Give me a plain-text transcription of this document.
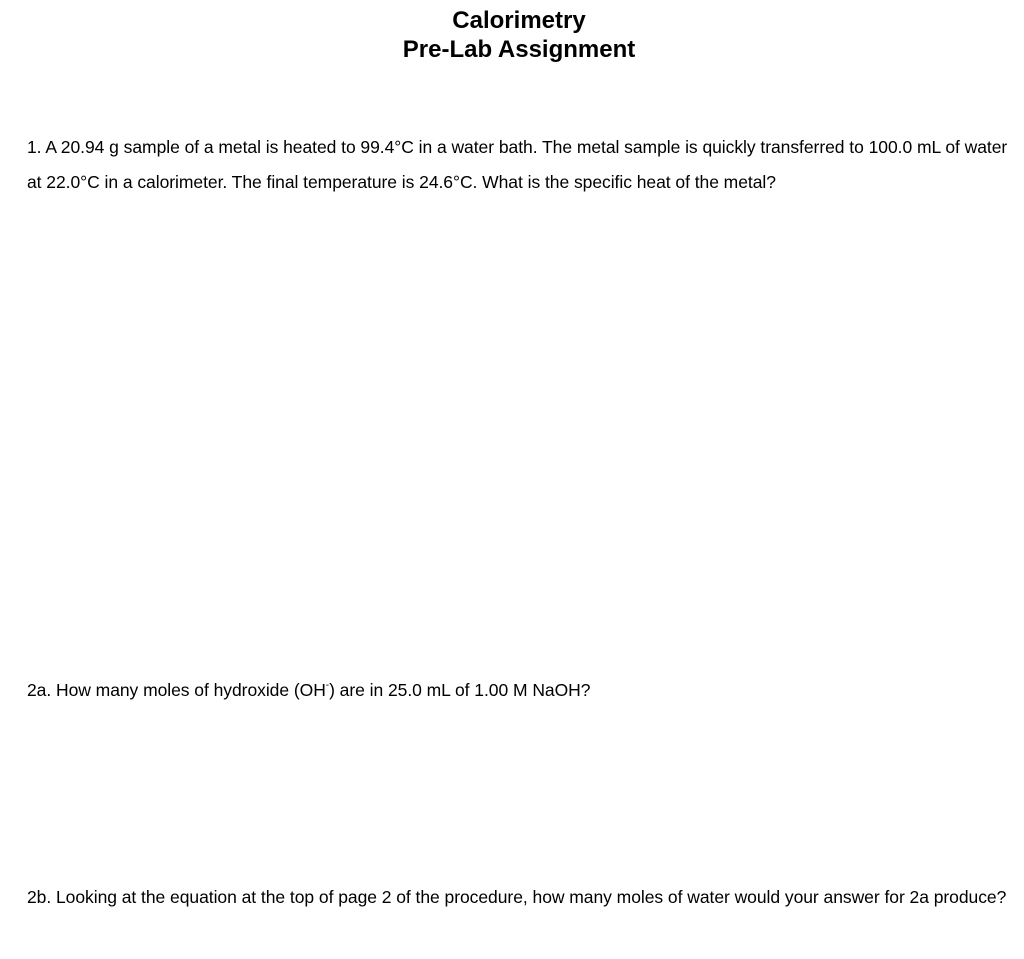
Calorimetry
Pre-Lab Assignment
1. A 20.94 g sample of a metal is heated to 99.4°C in a water bath. The metal sample is quickly transferred to 100.0 mL of water at 22.0°C in a calorimeter. The final temperature is 24.6°C. What is the specific heat of the metal?
2a. How many moles of hydroxide (OH-) are in 25.0 mL of 1.00 M NaOH?
2b. Looking at the equation at the top of page 2 of the procedure, how many moles of water would your answer for 2a produce?
